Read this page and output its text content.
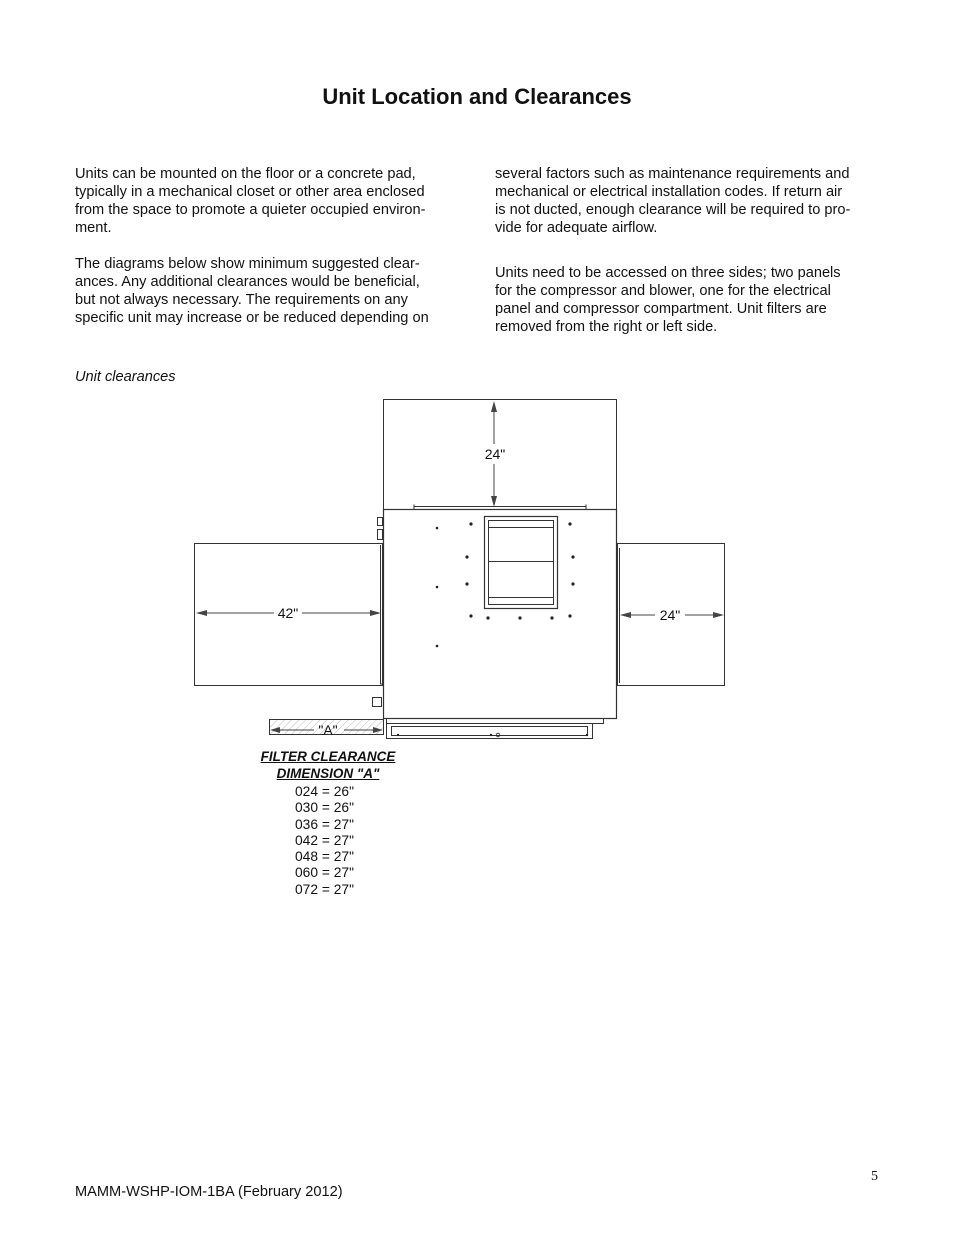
Unit Location and Clearances
Units can be mounted on the floor or a concrete pad,
typically in a mechanical closet or other area enclosed
from the space to promote a quieter occupied environ-
ment.
The diagrams below show minimum suggested clear-
ances. Any additional clearances would be beneficial,
but not always necessary. The requirements on any
specific unit may increase or be reduced depending on
several factors such as maintenance requirements and
mechanical or electrical installation codes. If return air
is not ducted, enough clearance will be required to pro-
vide for adequate airflow.
Units need to be accessed on three sides; two panels
for the compressor and blower, one for the electrical
panel and compressor compartment. Unit filters are
removed from the right or left side.
Unit clearances
24"
42"	24"
"A"
FILTER CLEARANCE
DIMENSION "A"
024 = 26"
030 = 26"
036 = 27"
042 = 27"
048 = 27"
060 = 27"
072 = 27"
5
MAMM-WSHP-IOM-1BA (February 2012)
